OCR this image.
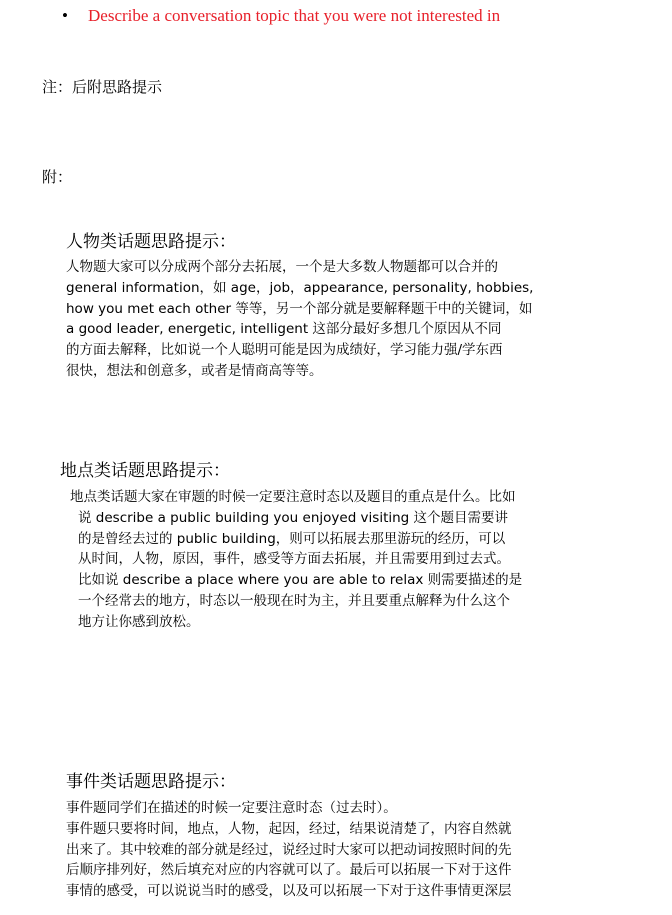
• Describe a conversation topic that you were not interested in
注：后附思路提示
附：
人物类话题思路提示：
人物题大家可以分成两个部分去拓展，一个是大多数人物题都可以合并的
general information，如 age，job，appearance, personality, hobbies,
how you met each other 等等，另一个部分就是要解释题干中的关键词，如
a good leader, energetic, intelligent 这部分最好多想几个原因从不同
的方面去解释，比如说一个人聪明可能是因为成绩好，学习能力强/学东西
很快，想法和创意多，或者是情商高等等。
地点类话题思路提示：
地点类话题大家在审题的时候一定要注意时态以及题目的重点是什么。比如
说 describe a public building you enjoyed visiting 这个题目需要讲
的是曾经去过的 public building，则可以拓展去那里游玩的经历，可以
从时间，人物，原因，事件，感受等方面去拓展，并且需要用到过去式。
比如说 describe a place where you are able to relax 则需要描述的是
一个经常去的地方，时态以一般现在时为主，并且要重点解释为什么这个
地方让你感到放松。
事件类话题思路提示：
事件题同学们在描述的时候一定要注意时态（过去时）。
事件题只要将时间，地点，人物，起因，经过，结果说清楚了，内容自然就
出来了。其中较难的部分就是经过，说经过时大家可以把动词按照时间的先
后顺序排列好，然后填充对应的内容就可以了。最后可以拓展一下对于这件
事情的感受，可以说说当时的感受，以及可以拓展一下对于这件事情更深层
